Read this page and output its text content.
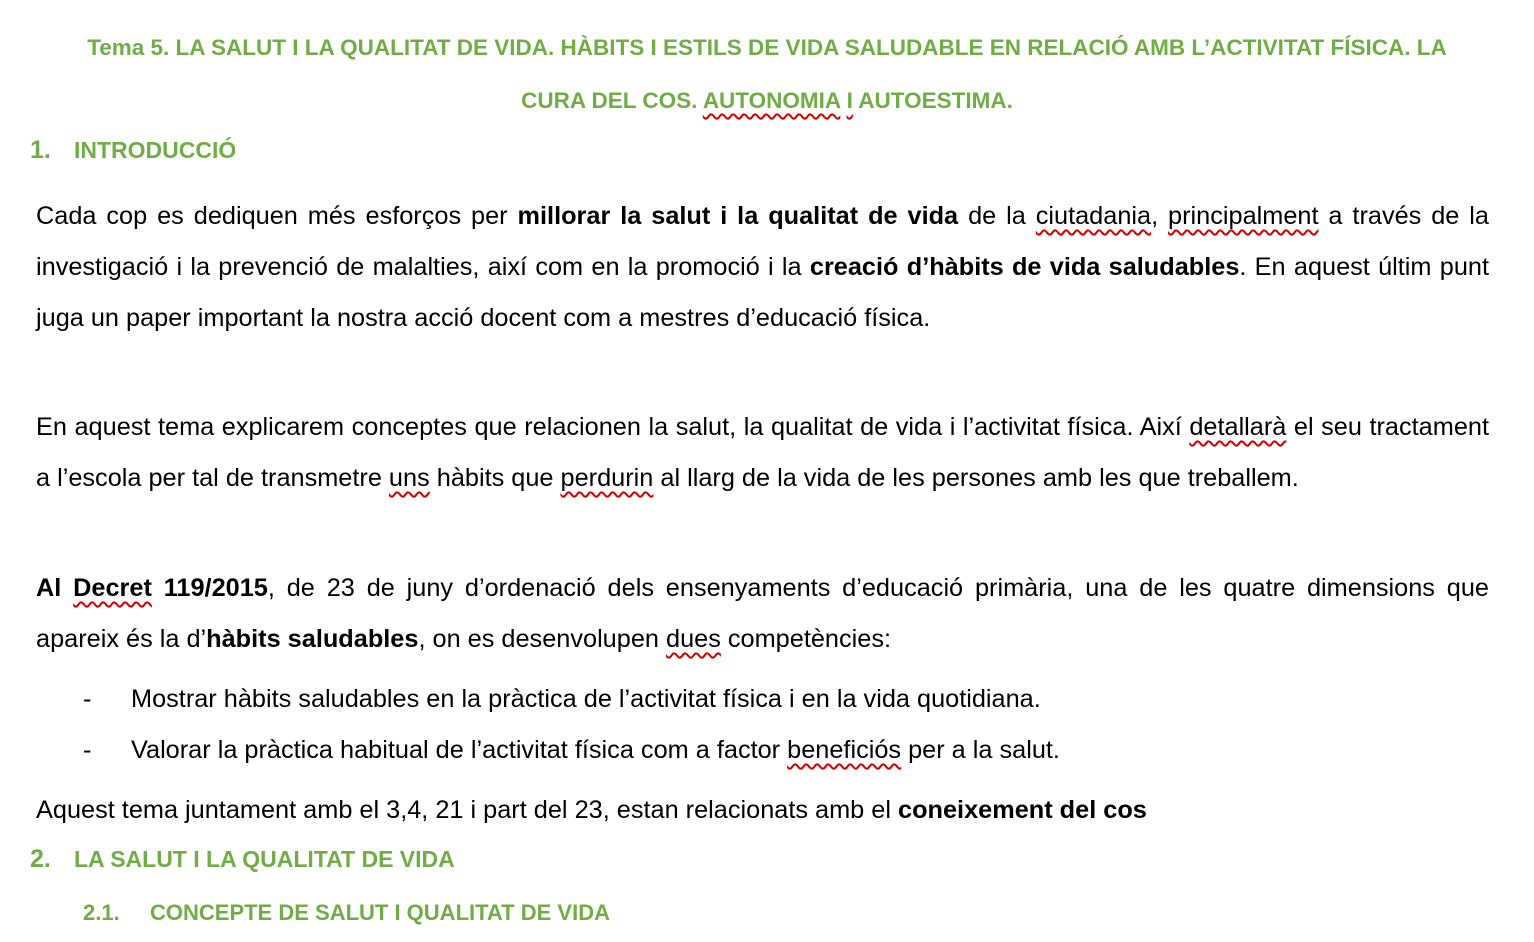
Tema 5. LA SALUT I LA QUALITAT DE VIDA. HÀBITS I ESTILS DE VIDA SALUDABLE EN RELACIÓ AMB L’ACTIVITAT FÍSICA. LA
CURA DEL COS. AUTONOMIA I AUTOESTIMA.
1.	INTRODUCCIÓ

Cada cop es dediquen més esforços per millorar la salut i la qualitat de vida de la ciutadania, principalment a través de la investigació i la prevenció de malalties, així com en la promoció i la creació d’hàbits de vida saludables. En aquest últim punt juga un paper important la nostra acció docent com a mestres d’educació física.

En aquest tema explicarem conceptes que relacionen la salut, la qualitat de vida i l’activitat física. Així detallarà el seu tractament a l’escola per tal de transmetre uns hàbits que perdurin al llarg de la vida de les persones amb les que treballem.

Al Decret 119/2015, de 23 de juny d’ordenació dels ensenyaments d’educació primària, una de les quatre dimensions que apareix és la d’hàbits saludables, on es desenvolupen dues competències:

-	Mostrar hàbits saludables en la pràctica de l’activitat física i en la vida quotidiana.
-	Valorar la pràctica habitual de l’activitat física com a factor beneficiós per a la salut.

Aquest tema juntament amb el 3,4, 21 i part del 23, estan relacionats amb el coneixement del cos

2.	LA SALUT I LA QUALITAT DE VIDA
2.1.	CONCEPTE DE SALUT I QUALITAT DE VIDA
